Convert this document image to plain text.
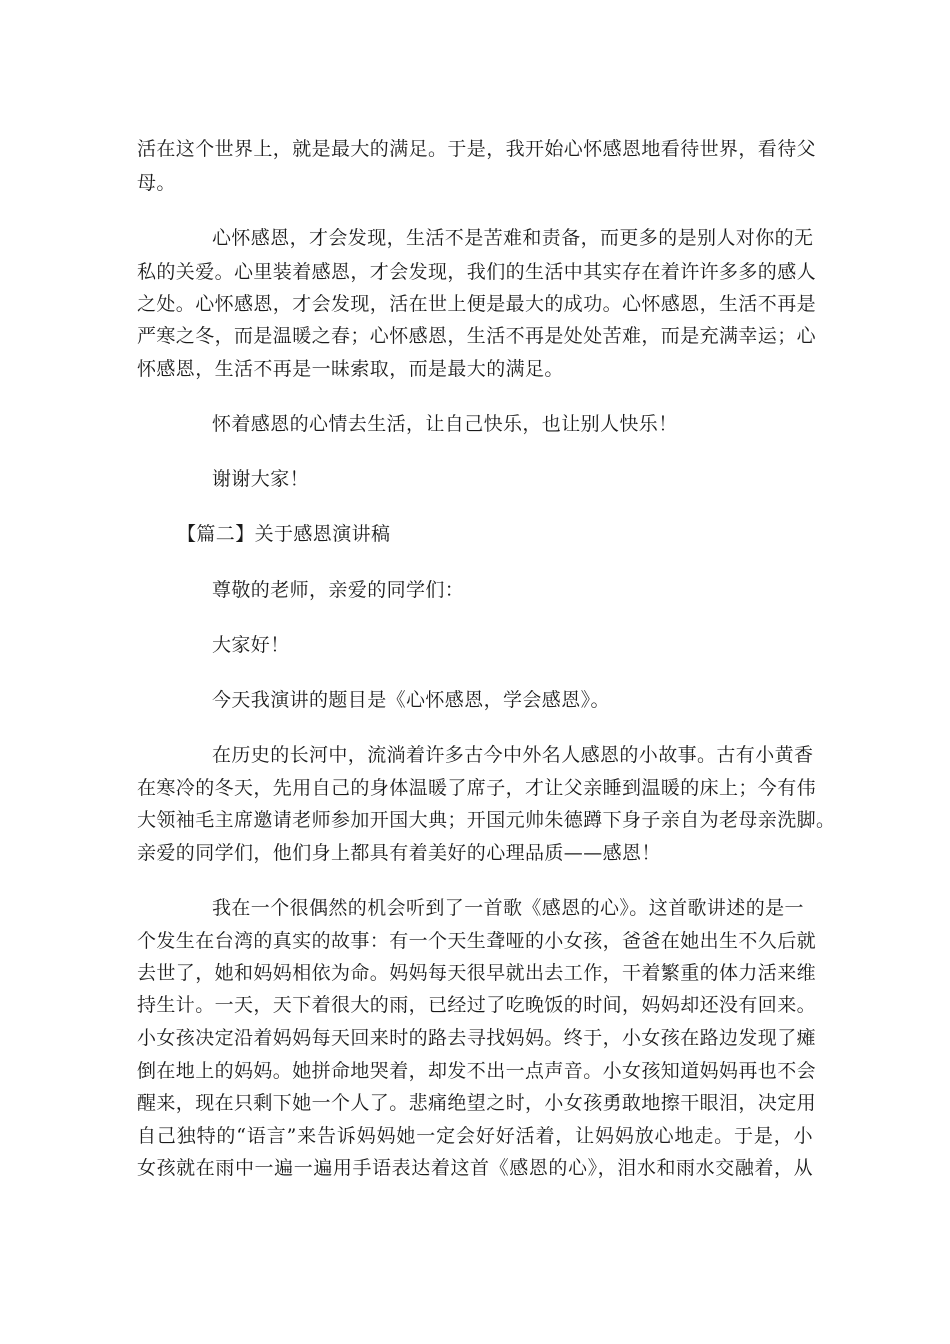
活在这个世界上，就是最大的满足。于是，我开始心怀感恩地看待世界，看待父
母。
心怀感恩，才会发现，生活不是苦难和责备，而更多的是别人对你的无
私的关爱。心里装着感恩，才会发现，我们的生活中其实存在着许许多多的感人
之处。心怀感恩，才会发现，活在世上便是最大的成功。心怀感恩，生活不再是
严寒之冬，而是温暖之春；心怀感恩，生活不再是处处苦难，而是充满幸运；心
怀感恩，生活不再是一昧索取，而是最大的满足。
怀着感恩的心情去生活，让自己快乐，也让别人快乐！
谢谢大家！
【篇二】关于感恩演讲稿
尊敬的老师，亲爱的同学们：
大家好！
今天我演讲的题目是《心怀感恩，学会感恩》。
在历史的长河中，流淌着许多古今中外名人感恩的小故事。古有小黄香
在寒冷的冬天，先用自己的身体温暖了席子，才让父亲睡到温暖的床上；今有伟
大领袖毛主席邀请老师参加开国大典；开国元帅朱德蹲下身子亲自为老母亲洗脚。
亲爱的同学们，他们身上都具有着美好的心理品质——感恩！
我在一个很偶然的机会听到了一首歌《感恩的心》。这首歌讲述的是一
个发生在台湾的真实的故事：有一个天生聋哑的小女孩，爸爸在她出生不久后就
去世了，她和妈妈相依为命。妈妈每天很早就出去工作，干着繁重的体力活来维
持生计。一天，天下着很大的雨，已经过了吃晚饭的时间，妈妈却还没有回来。
小女孩决定沿着妈妈每天回来时的路去寻找妈妈。终于，小女孩在路边发现了瘫
倒在地上的妈妈。她拼命地哭着，却发不出一点声音。小女孩知道妈妈再也不会
醒来，现在只剩下她一个人了。悲痛绝望之时，小女孩勇敢地擦干眼泪，决定用
自己独特的“语言”来告诉妈妈她一定会好好活着，让妈妈放心地走。于是，小
女孩就在雨中一遍一遍用手语表达着这首《感恩的心》，泪水和雨水交融着，从
